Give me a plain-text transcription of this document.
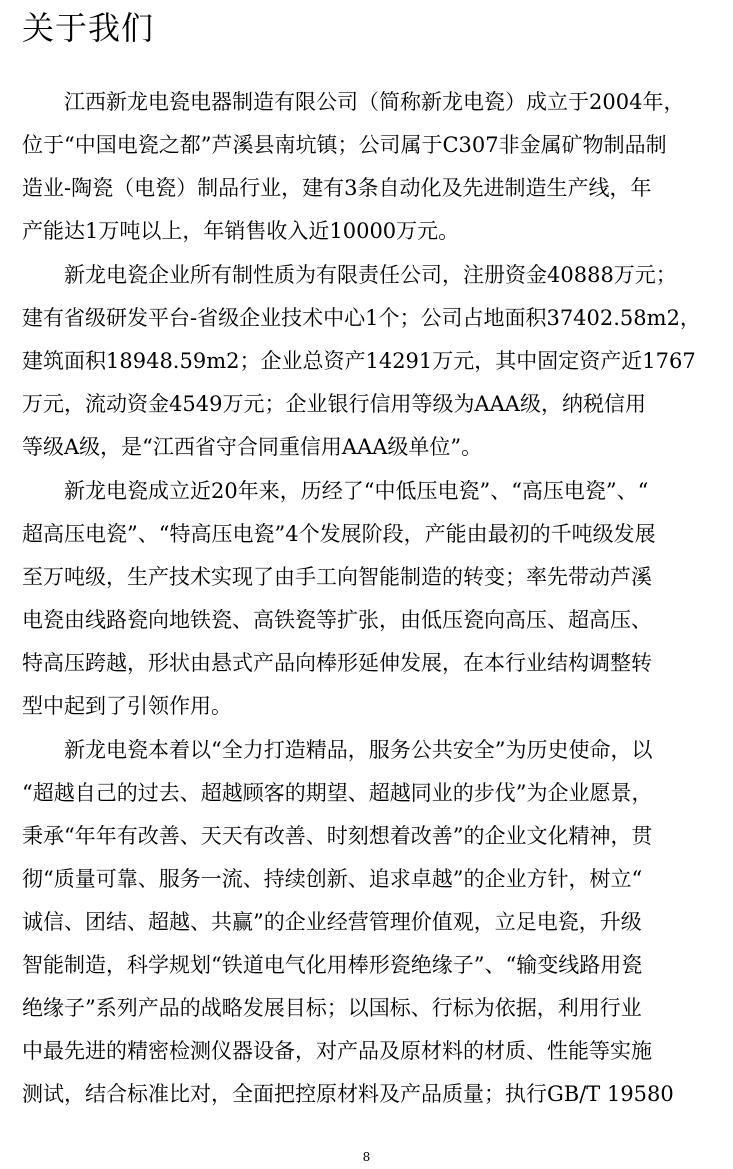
关于我们

江西新龙电瓷电器制造有限公司（简称新龙电瓷）成立于2004年，

位于“中国电瓷之都”芦溪县南坑镇；公司属于C307非金属矿物制品制

造业-陶瓷（电瓷）制品行业，建有3条自动化及先进制造生产线，年

产能达1万吨以上，年销售收入近10000万元。

新龙电瓷企业所有制性质为有限责任公司，注册资金40888万元；

建有省级研发平台-省级企业技术中心1个；公司占地面积37402.58m2，

建筑面积18948.59m2；企业总资产14291万元，其中固定资产近1767

万元，流动资金4549万元；企业银行信用等级为AAA级，纳税信用

等级A级，是“江西省守合同重信用AAA级单位”。

新龙电瓷成立近20年来，历经了“中低压电瓷”、“高压电瓷”、“

超高压电瓷”、“特高压电瓷”4个发展阶段，产能由最初的千吨级发展

至万吨级，生产技术实现了由手工向智能制造的转变；率先带动芦溪

电瓷由线路瓷向地铁瓷、高铁瓷等扩张，由低压瓷向高压、超高压、

特高压跨越，形状由悬式产品向棒形延伸发展，在本行业结构调整转

型中起到了引领作用。

新龙电瓷本着以“全力打造精品，服务公共安全”为历史使命，以

“超越自己的过去、超越顾客的期望、超越同业的步伐”为企业愿景，

秉承“年年有改善、天天有改善、时刻想着改善”的企业文化精神，贯

彻“质量可靠、服务一流、持续创新、追求卓越”的企业方针，树立“

诚信、团结、超越、共赢”的企业经营管理价值观，立足电瓷，升级

智能制造，科学规划“铁道电气化用棒形瓷绝缘子”、“输变线路用瓷

绝缘子”系列产品的战略发展目标；以国标、行标为依据，利用行业

中最先进的精密检测仪器设备，对产品及原材料的材质、性能等实施

测试，结合标准比对，全面把控原材料及产品质量；执行GB/T 19580

8
